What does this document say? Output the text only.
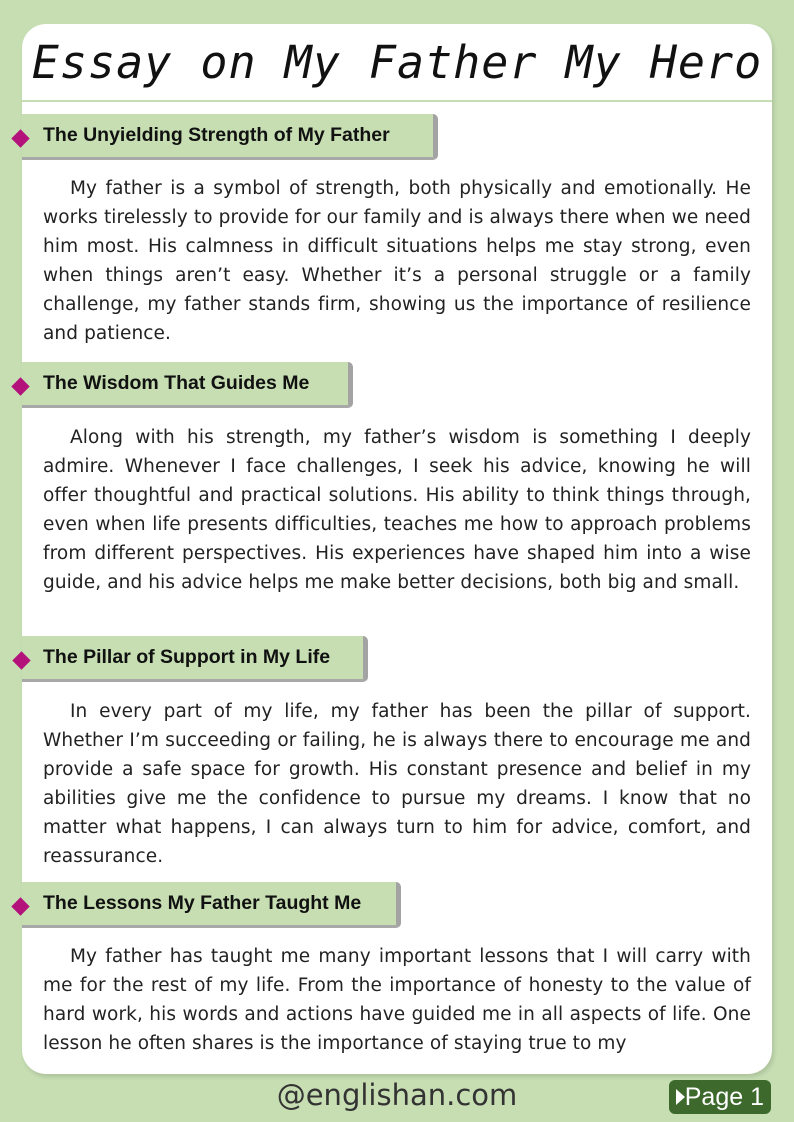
Essay on My Father My Hero
The Unyielding Strength of My Father

My father is a symbol of strength, both physically and emotionally. He works tirelessly to provide for our family and is always there when we need him most. His calmness in difficult situations helps me stay strong, even when things aren’t easy. Whether it’s a personal struggle or a family challenge, my father stands firm, showing us the importance of resilience and patience.

The Wisdom That Guides Me

Along with his strength, my father’s wisdom is something I deeply admire. Whenever I face challenges, I seek his advice, knowing he will offer thoughtful and practical solutions. His ability to think things through, even when life presents difficulties, teaches me how to approach problems from different perspectives. His experiences have shaped him into a wise guide, and his advice helps me make better decisions, both big and small.

The Pillar of Support in My Life

In every part of my life, my father has been the pillar of support. Whether I’m succeeding or failing, he is always there to encourage me and provide a safe space for growth. His constant presence and belief in my abilities give me the confidence to pursue my dreams. I know that no matter what happens, I can always turn to him for advice, comfort, and reassurance.

The Lessons My Father Taught Me

My father has taught me many important lessons that I will carry with me for the rest of my life. From the importance of honesty to the value of hard work, his words and actions have guided me in all aspects of life. One lesson he often shares is the importance of staying true to my

@englishan.com	Page 1
